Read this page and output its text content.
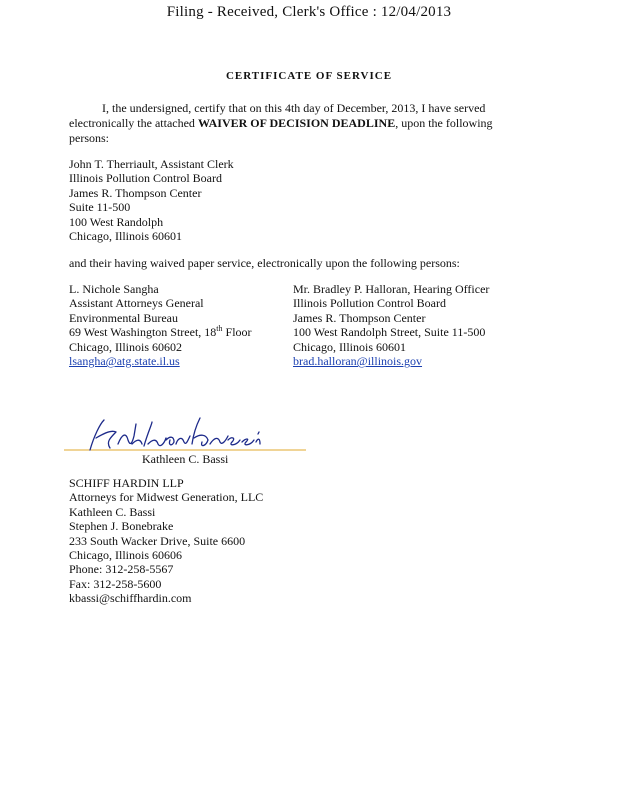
Filing - Received, Clerk's Office : 12/04/2013
CERTIFICATE OF SERVICE
I, the undersigned, certify that on this 4th day of December, 2013, I have served
electronically the attached WAIVER OF DECISION DEADLINE, upon the following
persons:
John T. Therriault, Assistant Clerk
Illinois Pollution Control Board
James R. Thompson Center
Suite 11-500
100 West Randolph
Chicago, Illinois 60601
and their having waived paper service, electronically upon the following persons:
L. Nichole Sangha
Assistant Attorneys General
Environmental Bureau
69 West Washington Street, 18th Floor
Chicago, Illinois 60602
lsangha@atg.state.il.us
Mr. Bradley P. Halloran, Hearing Officer
Illinois Pollution Control Board
James R. Thompson Center
100 West Randolph Street, Suite 11-500
Chicago, Illinois 60601
brad.halloran@illinois.gov
Kathleen C. Bassi
SCHIFF HARDIN LLP
Attorneys for Midwest Generation, LLC
Kathleen C. Bassi
Stephen J. Bonebrake
233 South Wacker Drive, Suite 6600
Chicago, Illinois 60606
Phone: 312-258-5567
Fax: 312-258-5600
kbassi@schiffhardin.com
